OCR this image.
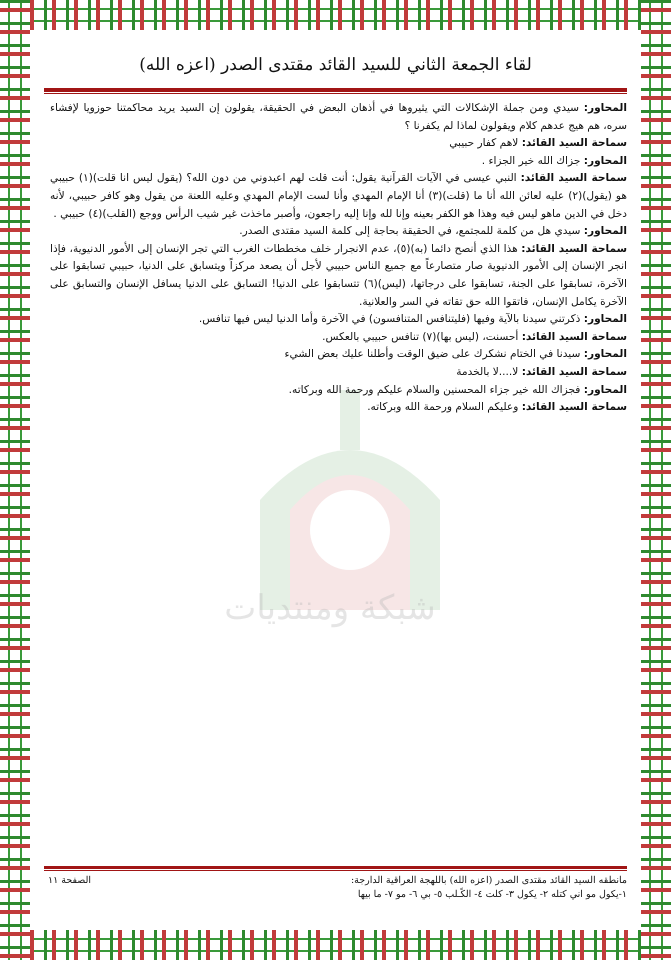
شبكة ومنتديات
لقاء الجمعة الثاني للسيد القائد مقتدى الصدر (اعزه الله)

المحاور: سيدي ومن جملة الإشكالات التي يثيروها في أذهان البعض في الحقيقة، يقولون إن السيد يريد محاكمتنا حوزويا لإفشاء سره، هم هيج عدهم كلام ويقولون لماذا لم يكفرنا ؟

سماحة السيد القائد: لاهم كفار حبيبي

المحاور: جزاك الله خير الجزاء .

سماحة السيد القائد: النبي عيسى في الآيات القرآنية يقول: أنت قلت لهم اعبدوني من دون الله؟ (يقول ليس انا قلت)(١) حبيبي هو (يقول)(٢) عليه لعائن الله أنا ما (قلت)(٣) أنا الإمام المهدي وأنا لست الإمام المهدي وعليه اللعنة من يقول وهو كافر حبيبي، لأنه دخل في الدين ماهو ليس فيه وهذا هو الكفر بعينه وإنا لله وإنا إليه راجعون، وأصبر ماخذت غير شيب الرأس ووجع (القلب)(٤) حبيبي .

المحاور: سيدي هل من كلمة للمجتمع، في الحقيقة بحاجة إلى كلمة السيد مقتدى الصدر.

سماحة السيد القائد: هذا الذي أنصح دائما (به)(٥)، عدم الانجرار خلف مخططات الغرب التي تجر الإنسان إلى الأمور الدنيوية، فإذا انجر الإنسان إلى الأمور الدنيوية صار متصارعاً مع جميع الناس حبيبي لأجل أن يصعد مركزاً ويتسابق على الدنيا، حبيبي تسابقوا على الآخرة، تسابقوا على الجنة، تسابقوا على درجاتها، (ليس)(٦) تتسابقوا على الدنيا! التسابق على الدنيا يسافل الإنسان والتسابق على الآخرة يكامل الإنسان، فاتقوا الله حق تقاته في السر والعلانية.

المحاور: ذكرتني سيدنا بالآية وفيها (فليتنافس المتنافسون) في الآخرة وأما الدنيا ليس فيها تنافس.

سماحة السيد القائد: أحسنت، (ليس بها)(٧) تنافس حبيبي بالعكس.

المحاور: سيدنا في الختام نشكرك على ضيق الوقت وأطلنا عليك بعض الشيء

سماحة السيد القائد: لا....لا بالخدمة

المحاور: فجزاك الله خير جزاء المحسنين والسلام عليكم ورحمة الله وبركاته.

سماحة السيد القائد: وعليكم السلام ورحمة الله وبركاته.

مانطقه السيد القائد مقتدى الصدر (اعزه الله) باللهجة العراقية الدارجة:
الصفحة ١١
١-يكول مو اني كتله ٢- يكول ٣- كلت ٤- الكًـلب ٥- بي ٦- مو ٧- ما بيها
